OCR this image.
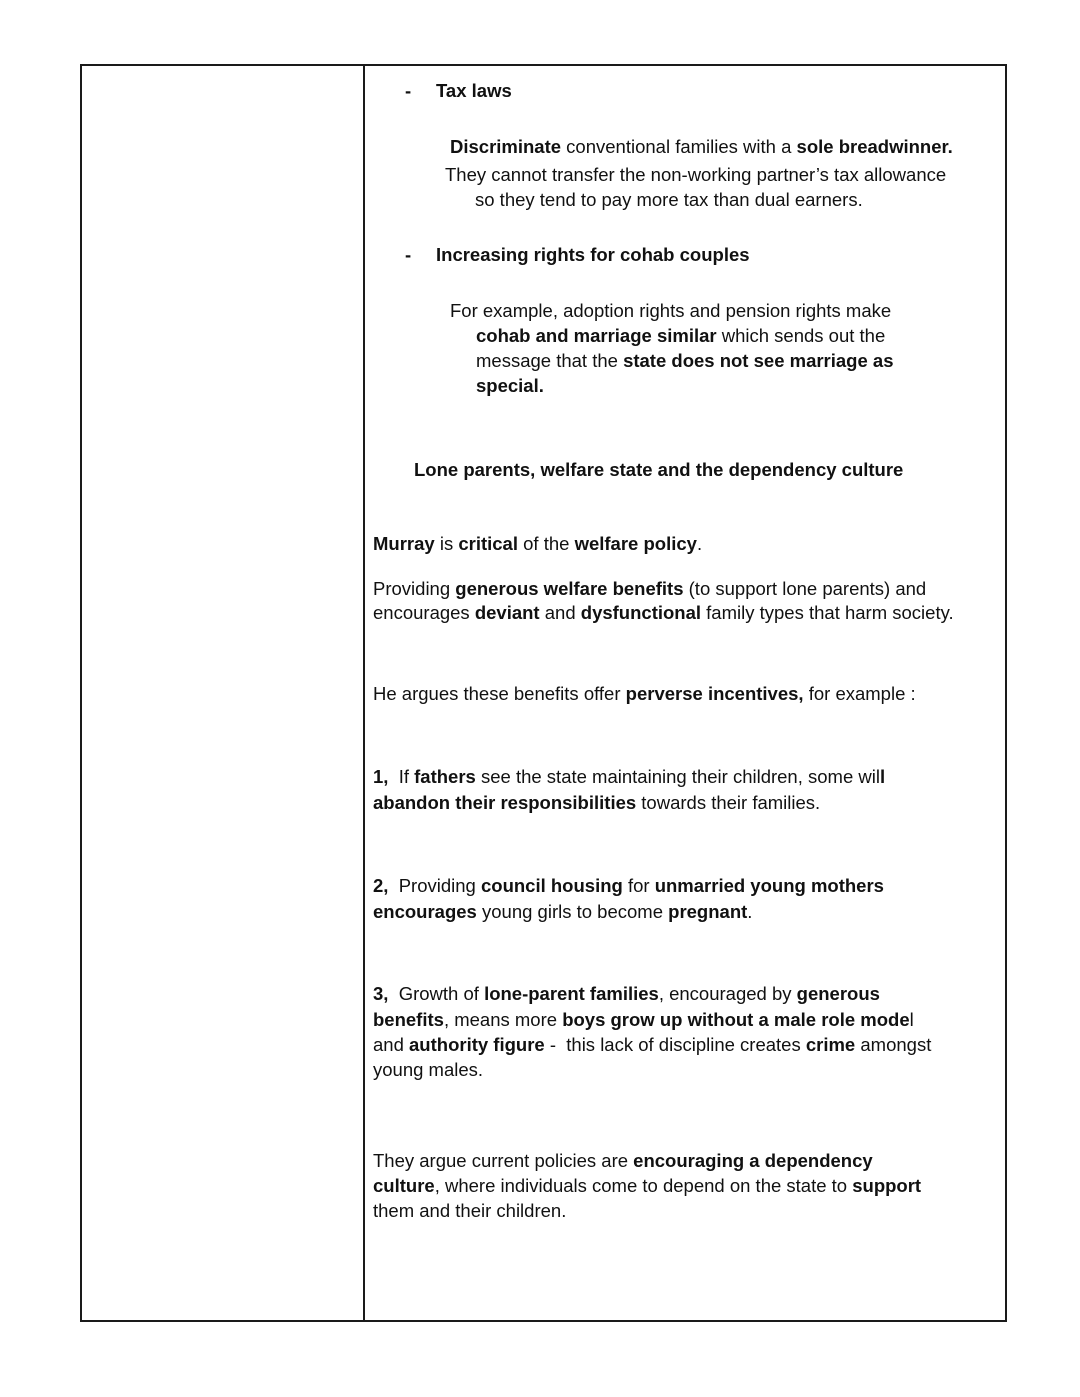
- Tax laws
Discriminate conventional families with a sole breadwinner.
They cannot transfer the non-working partner’s tax allowance
so they tend to pay more tax than dual earners.
- Increasing rights for cohab couples
For example, adoption rights and pension rights make
cohab and marriage similar which sends out the
message that the state does not see marriage as
special.
Lone parents, welfare state and the dependency culture
Murray is critical of the welfare policy.
Providing generous welfare benefits (to support lone parents) and
encourages deviant and dysfunctional family types that harm society.
He argues these benefits offer perverse incentives, for example :
1,  If fathers see the state maintaining their children, some will
abandon their responsibilities towards their families.
2,  Providing council housing for unmarried young mothers
encourages young girls to become pregnant.
3,  Growth of lone-parent families, encouraged by generous
benefits, means more boys grow up without a male role model
and authority figure -  this lack of discipline creates crime amongst
young males.
They argue current policies are encouraging a dependency
culture, where individuals come to depend on the state to support
them and their children.
